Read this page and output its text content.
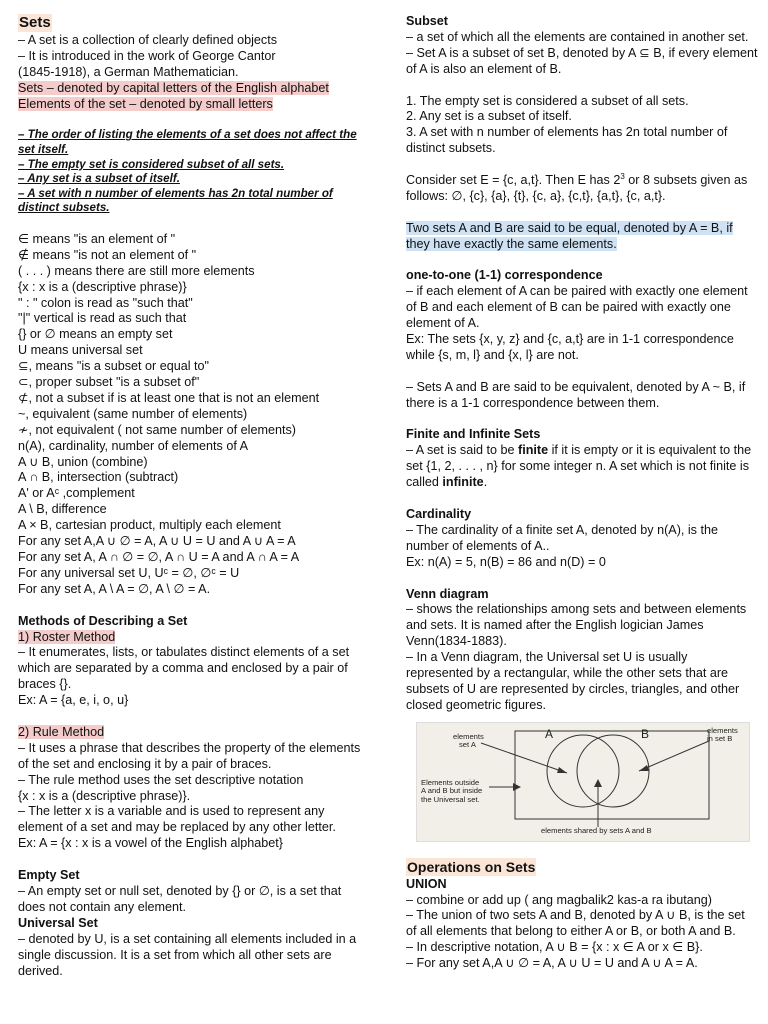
Sets
– A set is a collection of clearly defined objects
– It is introduced in the work of George Cantor
(1845-1918), a German Mathematician.
Sets – denoted by capital letters of the English alphabet
Elements of the set – denoted by small letters
– The order of listing the elements of a set does not affect the set itself.
– The empty set is considered subset of all sets.
– Any set is a subset of itself.
– A set with n number of elements has 2n total number of distinct subsets.
∈ means "is an element of "
∉ means "is not an element of "
( . . . ) means there are still more elements
{x : x is a (descriptive phrase)}
" : " colon is read as "such that"
"|" vertical is read as such that
{} or ∅ means an empty set
U means universal set
⊆, means "is a subset or equal to"
⊂, proper subset "is a subset of"
⊄, not a subset if is at least one that is not an element
~, equivalent (same number of elements)
≁, not equivalent ( not same number of elements)
n(A), cardinality, number of elements of A
A ∪ B, union (combine)
A ∩ B, intersection (subtract)
A' or Aᶜ ,complement
A \ B, difference
A × B, cartesian product, multiply each element
For any set A,A ∪ ∅ = A, A ∪ U = U and A ∪ A = A
For any set A, A ∩ ∅ = ∅, A ∩ U = A and A ∩ A = A
For any universal set U, Uᶜ = ∅, ∅ᶜ = U
For any set A, A \ A = ∅, A \ ∅ = A.
Methods of Describing a Set
1) Roster Method
– It enumerates, lists, or tabulates distinct elements of a set which are separated by a comma and enclosed by a pair of braces {}.
Ex: A = {a, e, i, o, u}
2) Rule Method
– It uses a phrase that describes the property of the elements of the set and enclosing it by a pair of braces.
– The rule method uses the set descriptive notation
{x : x is a (descriptive phrase)}.
– The letter x is a variable and is used to represent any element of a set and may be replaced by any other letter.
Ex: A = {x : x is a vowel of the English alphabet}
Empty Set
– An empty set or null set, denoted by {} or ∅, is a set that does not contain any element.
Universal Set
– denoted by U, is a set containing all elements included in a single discussion. It is a set from which all other sets are derived.
Subset
– a set of which all the elements are contained in another set.
– Set A is a subset of set B, denoted by A ⊆ B, if every element of A is also an element of B.
1. The empty set is considered a subset of all sets.
2. Any set is a subset of itself.
3. A set with n number of elements has 2n total number of distinct subsets.
Consider set E = {c, a,t}. Then E has $2^3$ or 8 subsets given as follows: ∅, {c}, {a}, {t}, {c, a}, {c,t}, {a,t}, {c, a,t}.
Two sets A and B are said to be equal, denoted by A = B, if they have exactly the same elements.
one-to-one (1-1) correspondence
– if each element of A can be paired with exactly one element of B and each element of B can be paired with exactly one element of A.
Ex: The sets {x, y, z} and {c, a,t} are in 1-1 correspondence while {s, m, l} and {x, l} are not.
– Sets A and B are said to be equivalent, denoted by A ~ B, if there is a 1-1 correspondence between them.
Finite and Infinite Sets
– A set is said to be finite if it is empty or it is equivalent to the set {1, 2, . . . , n} for some integer n. A set which is not finite is called infinite.
Cardinality
– The cardinality of a finite set A, denoted by n(A), is the number of elements of A..
Ex: n(A) = 5, n(B) = 86 and n(D) = 0
Venn diagram
– shows the relationships among sets and between elements and sets. It is named after the English logician James Venn(1834-1883).
– In a Venn diagram, the Universal set U is usually represented by a rectangular, while the other sets that are subsets of U are represented by circles, triangles, and other closed geometric figures.
A	B
elements
set A
elements
in set B
Elements outside
A and B but inside
the Universal set.
elements shared by sets A and B
Operations on Sets
UNION
– combine or add up ( ang magbalik2 kas-a ra ibutang)
– The union of two sets A and B, denoted by A ∪ B, is the set of all elements that belong to either A or B, or both A and B.
– In descriptive notation, A ∪ B = {x : x ∈ A or x ∈ B}.
– For any set A,A ∪ ∅ = A, A ∪ U = U and A ∪ A = A.
